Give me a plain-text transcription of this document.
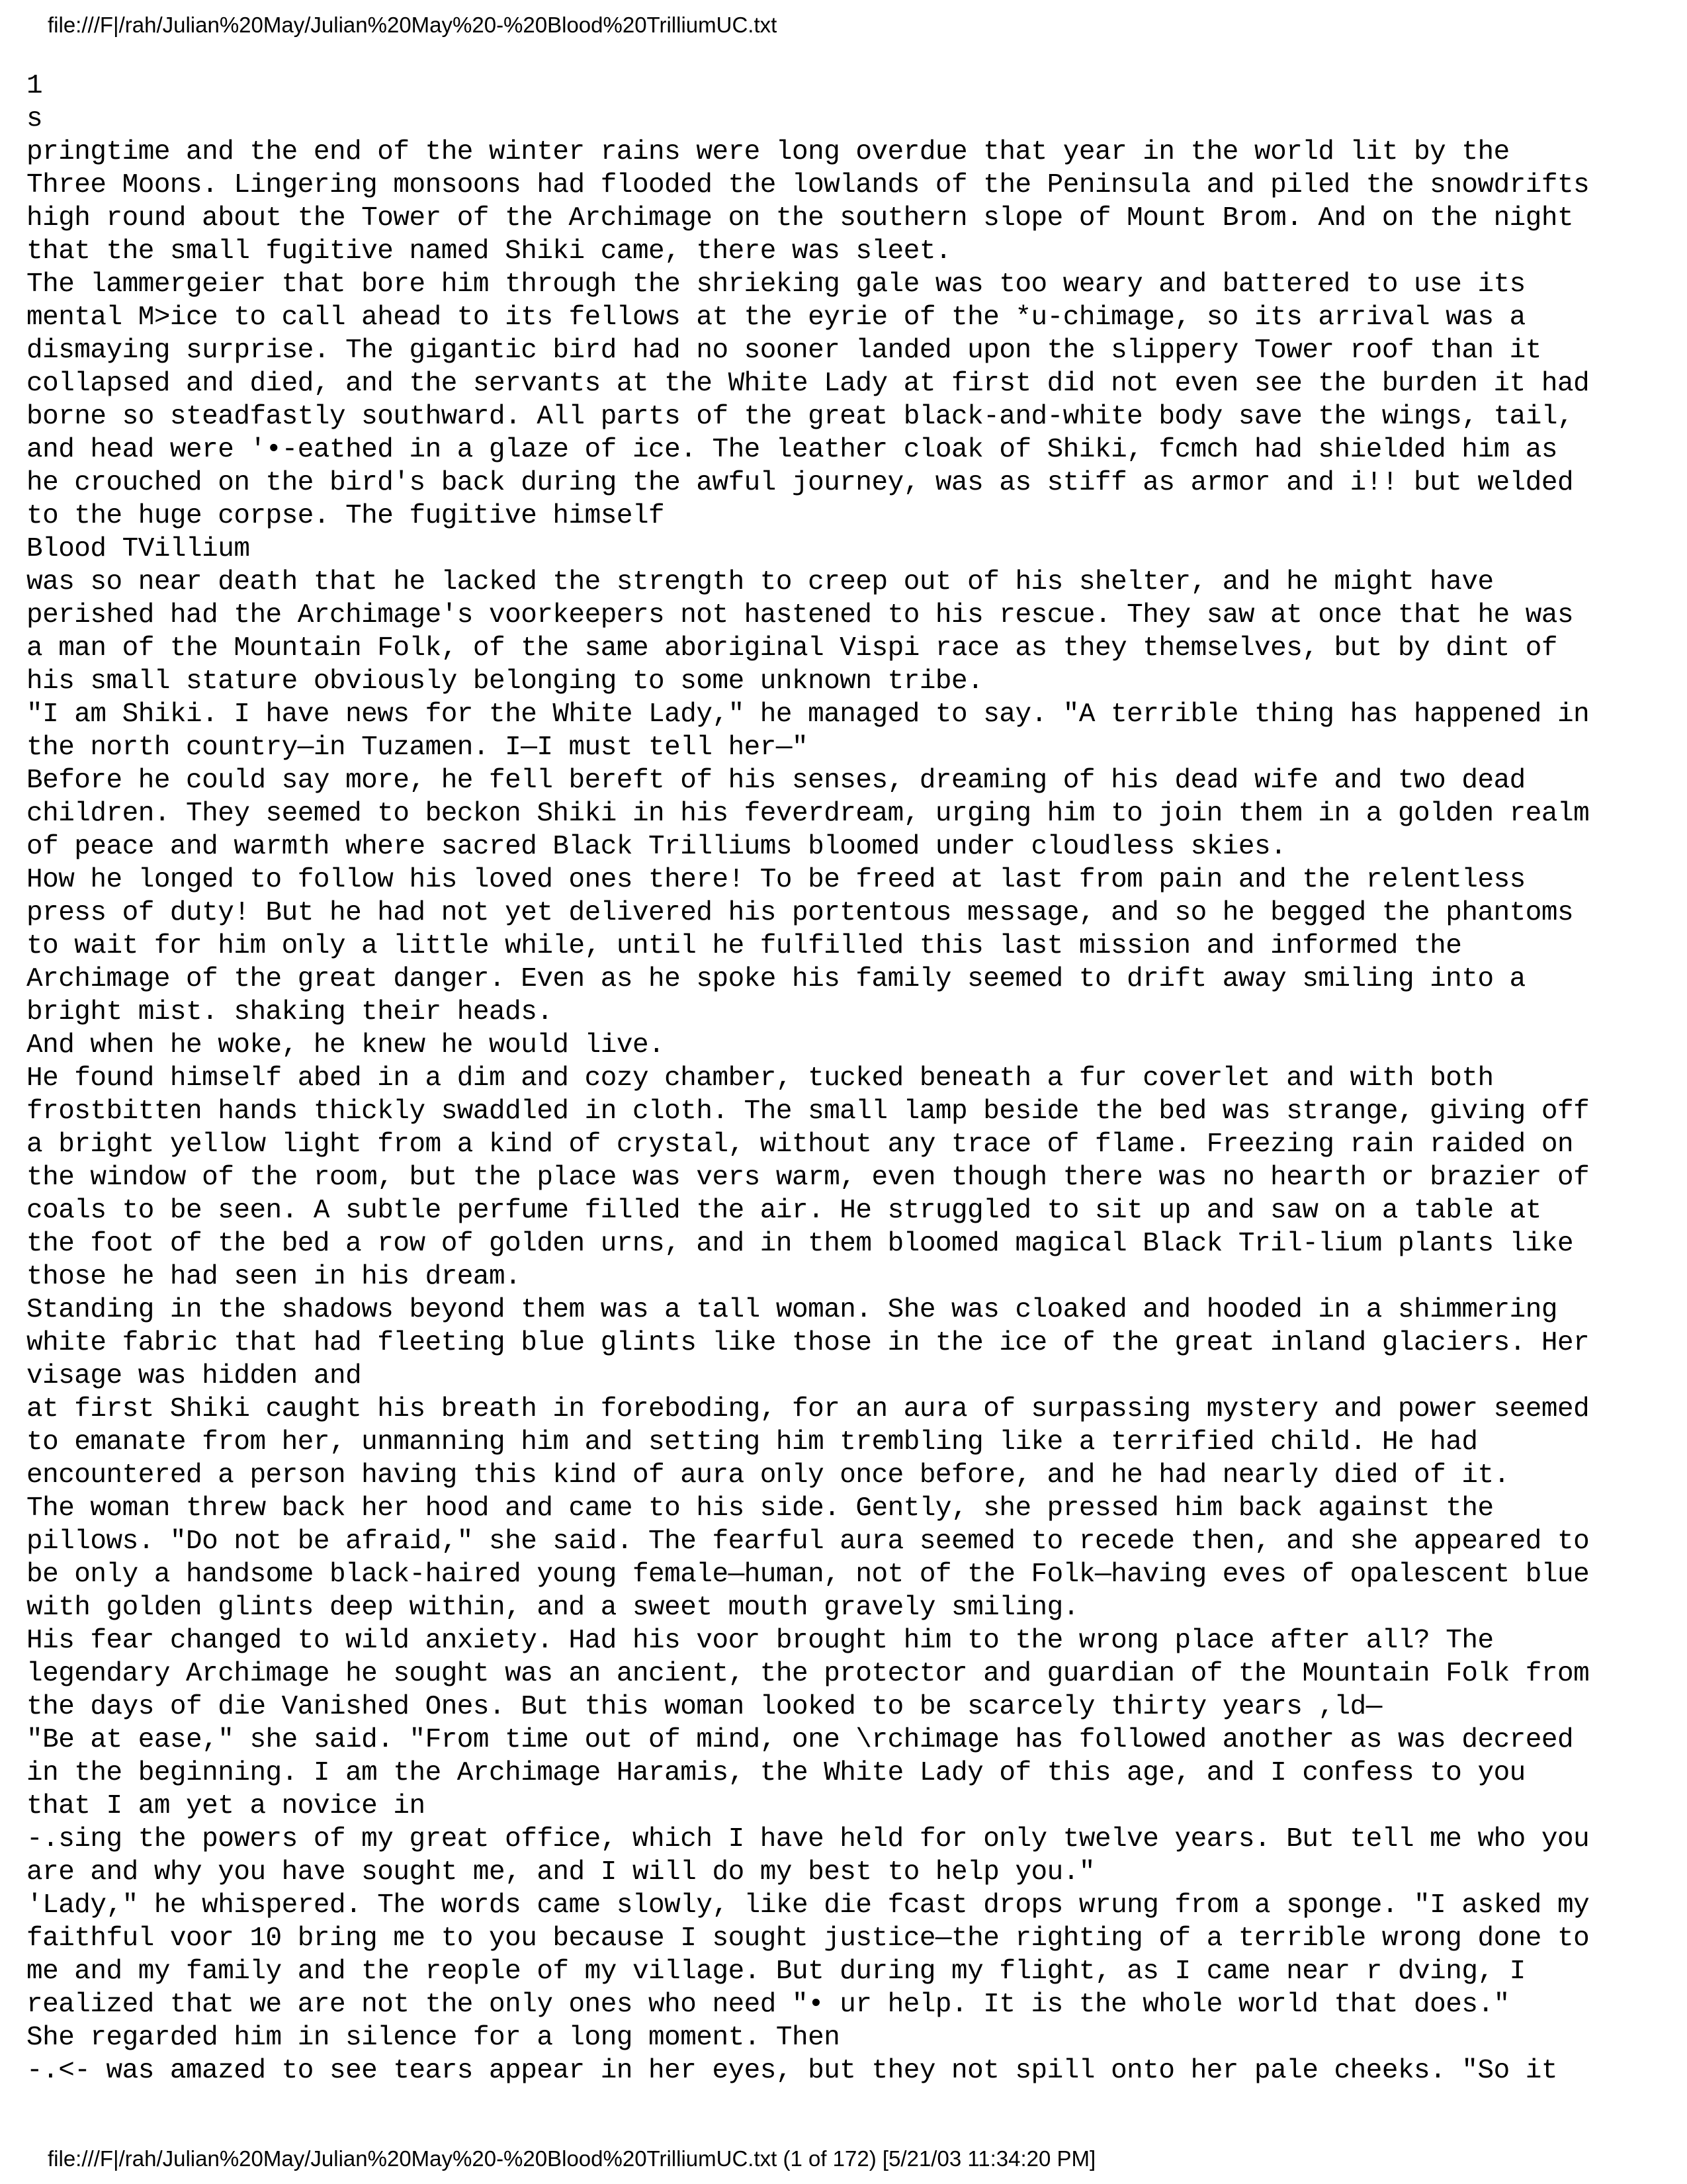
file:///F|/rah/Julian%20May/Julian%20May%20-%20Blood%20TrilliumUC.txt
1
s
pringtime and the end of the winter rains were long overdue that year in the world lit by the
Three Moons. Lingering monsoons had flooded the lowlands of the Peninsula and piled the snowdrifts
high round about the Tower of the Archimage on the southern slope of Mount Brom. And on the night
that the small fugitive named Shiki came, there was sleet.
The lammergeier that bore him through the shrieking gale was too weary and battered to use its
mental M>ice to call ahead to its fellows at the eyrie of the *u-chimage, so its arrival was a
dismaying surprise. The gigantic bird had no sooner landed upon the slippery Tower roof than it
collapsed and died, and the servants at the White Lady at first did not even see the burden it had
borne so steadfastly southward. All parts of the great black-and-white body save the wings, tail,
and head were '•-eathed in a glaze of ice. The leather cloak of Shiki, fcmch had shielded him as
he crouched on the bird's back during the awful journey, was as stiff as armor and i!! but welded
to the huge corpse. The fugitive himself
Blood TVillium
was so near death that he lacked the strength to creep out of his shelter, and he might have
perished had the Archimage's voorkeepers not hastened to his rescue. They saw at once that he was
a man of the Mountain Folk, of the same aboriginal Vispi race as they themselves, but by dint of
his small stature obviously belonging to some unknown tribe.
"I am Shiki. I have news for the White Lady," he managed to say. "A terrible thing has happened in
the north country—in Tuzamen. I—I must tell her—"
Before he could say more, he fell bereft of his senses, dreaming of his dead wife and two dead
children. They seemed to beckon Shiki in his feverdream, urging him to join them in a golden realm
of peace and warmth where sacred Black Trilliums bloomed under cloudless skies.
How he longed to follow his loved ones there! To be freed at last from pain and the relentless
press of duty! But he had not yet delivered his portentous message, and so he begged the phantoms
to wait for him only a little while, until he fulfilled this last mission and informed the
Archimage of the great danger. Even as he spoke his family seemed to drift away smiling into a
bright mist. shaking their heads.
And when he woke, he knew he would live.
He found himself abed in a dim and cozy chamber, tucked beneath a fur coverlet and with both
frostbitten hands thickly swaddled in cloth. The small lamp beside the bed was strange, giving off
a bright yellow light from a kind of crystal, without any trace of flame. Freezing rain raided on
the window of the room, but the place was vers warm, even though there was no hearth or brazier of
coals to be seen. A subtle perfume filled the air. He struggled to sit up and saw on a table at
the foot of the bed a row of golden urns, and in them bloomed magical Black Tril-lium plants like
those he had seen in his dream.
Standing in the shadows beyond them was a tall woman. She was cloaked and hooded in a shimmering
white fabric that had fleeting blue glints like those in the ice of the great inland glaciers. Her
visage was hidden and
at first Shiki caught his breath in foreboding, for an aura of surpassing mystery and power seemed
to emanate from her, unmanning him and setting him trembling like a terrified child. He had
encountered a person having this kind of aura only once before, and he had nearly died of it.
The woman threw back her hood and came to his side. Gently, she pressed him back against the
pillows. "Do not be afraid," she said. The fearful aura seemed to recede then, and she appeared to
be only a handsome black-haired young female—human, not of the Folk—having eves of opalescent blue
with golden glints deep within, and a sweet mouth gravely smiling.
His fear changed to wild anxiety. Had his voor brought him to the wrong place after all? The
legendary Archimage he sought was an ancient, the protector and guardian of the Mountain Folk from
the days of die Vanished Ones. But this woman looked to be scarcely thirty years ,ld—
"Be at ease," she said. "From time out of mind, one \rchimage has followed another as was decreed
in the beginning. I am the Archimage Haramis, the White Lady of this age, and I confess to you
that I am yet a novice in
-.sing the powers of my great office, which I have held for only twelve years. But tell me who you
are and why you have sought me, and I will do my best to help you."
'Lady," he whispered. The words came slowly, like die fcast drops wrung from a sponge. "I asked my
faithful voor 10 bring me to you because I sought justice—the righting of a terrible wrong done to
me and my family and the reople of my village. But during my flight, as I came near r dving, I
realized that we are not the only ones who need "• ur help. It is the whole world that does."
She regarded him in silence for a long moment. Then
-.<- was amazed to see tears appear in her eyes, but they not spill onto her pale cheeks. "So it
file:///F|/rah/Julian%20May/Julian%20May%20-%20Blood%20TrilliumUC.txt (1 of 172) [5/21/03 11:34:20 PM]
